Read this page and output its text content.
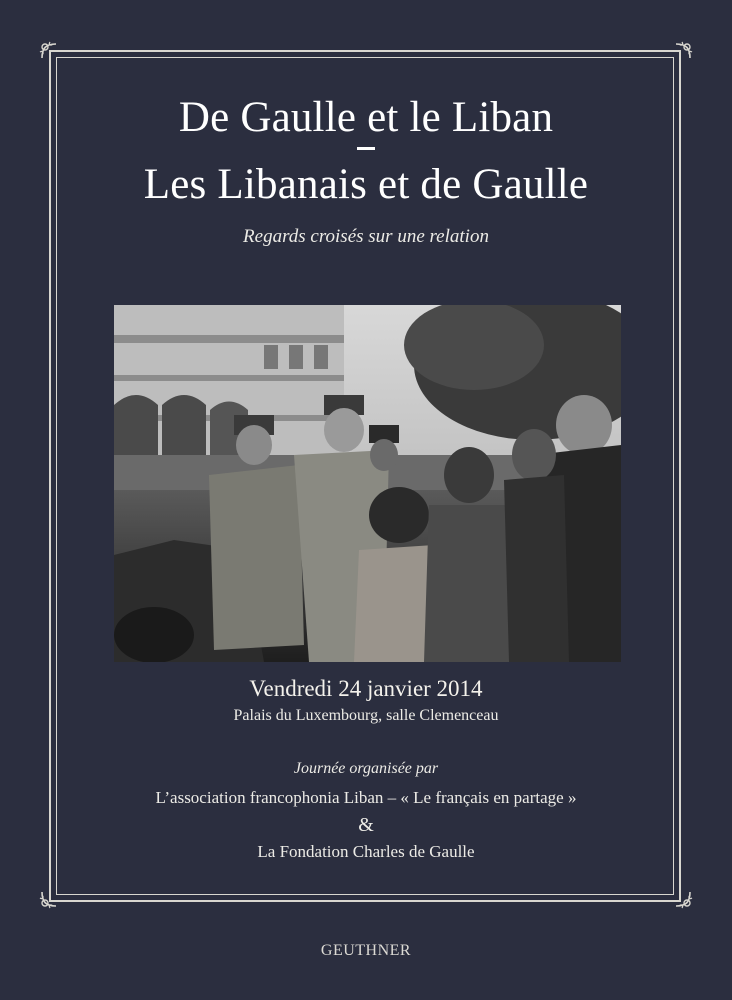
De Gaulle et le Liban
Les Libanais et de Gaulle
Regards croisés sur une relation
Vendredi 24 janvier 2014
Palais du Luxembourg, salle Clemenceau
Journée organisée par
L’association francophonia Liban – « Le français en partage »
&
La Fondation Charles de Gaulle
GEUTHNER
